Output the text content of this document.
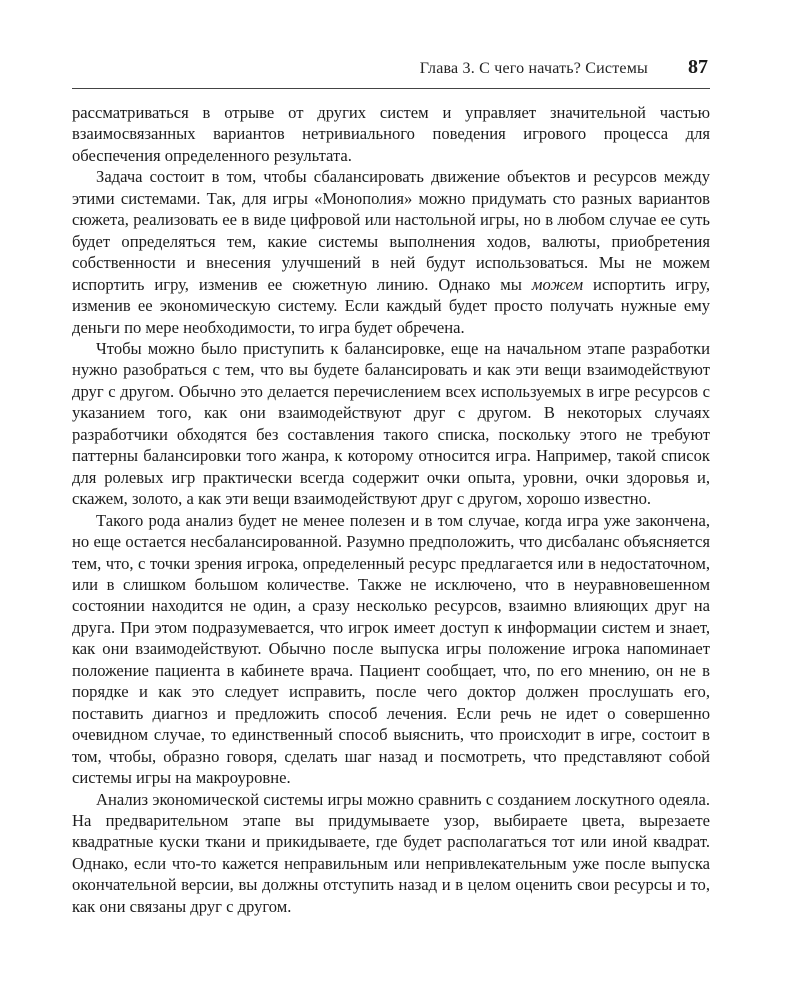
Глава 3. С чего начать? Системы 87

рассматриваться в отрыве от других систем и управляет значительной частью взаимосвязанных вариантов нетривиального поведения игрового процесса для обеспечения определенного результата.

Задача состоит в том, чтобы сбалансировать движение объектов и ресурсов между этими системами. Так, для игры «Монополия» можно придумать сто разных вариантов сюжета, реализовать ее в виде цифровой или настольной игры, но в любом случае ее суть будет определяться тем, какие системы выполнения ходов, валюты, приобретения собственности и внесения улучшений в ней будут использоваться. Мы не можем испортить игру, изменив ее сюжетную линию. Однако мы можем испортить игру, изменив ее экономическую систему. Если каждый будет просто получать нужные ему деньги по мере необходимости, то игра будет обречена.

Чтобы можно было приступить к балансировке, еще на начальном этапе разработки нужно разобраться с тем, что вы будете балансировать и как эти вещи взаимодействуют друг с другом. Обычно это делается перечислением всех используемых в игре ресурсов с указанием того, как они взаимодействуют друг с другом. В некоторых случаях разработчики обходятся без составления такого списка, поскольку этого не требуют паттерны балансировки того жанра, к которому относится игра. Например, такой список для ролевых игр практически всегда содержит очки опыта, уровни, очки здоровья и, скажем, золото, а как эти вещи взаимодействуют друг с другом, хорошо известно.

Такого рода анализ будет не менее полезен и в том случае, когда игра уже закончена, но еще остается несбалансированной. Разумно предположить, что дисбаланс объясняется тем, что, с точки зрения игрока, определенный ресурс предлагается или в недостаточном, или в слишком большом количестве. Также не исключено, что в неуравновешенном состоянии находится не один, а сразу несколько ресурсов, взаимно влияющих друг на друга. При этом подразумевается, что игрок имеет доступ к информации систем и знает, как они взаимодействуют. Обычно после выпуска игры положение игрока напоминает положение пациента в кабинете врача. Пациент сообщает, что, по его мнению, он не в порядке и как это следует исправить, после чего доктор должен прослушать его, поставить диагноз и предложить способ лечения. Если речь не идет о совершенно очевидном случае, то единственный способ выяснить, что происходит в игре, состоит в том, чтобы, образно говоря, сделать шаг назад и посмотреть, что представляют собой системы игры на макроуровне.

Анализ экономической системы игры можно сравнить с созданием лоскутного одеяла. На предварительном этапе вы придумываете узор, выбираете цвета, вырезаете квадратные куски ткани и прикидываете, где будет располагаться тот или иной квадрат. Однако, если что-то кажется неправильным или непривлекательным уже после выпуска окончательной версии, вы должны отступить назад и в целом оценить свои ресурсы и то, как они связаны друг с другом.
